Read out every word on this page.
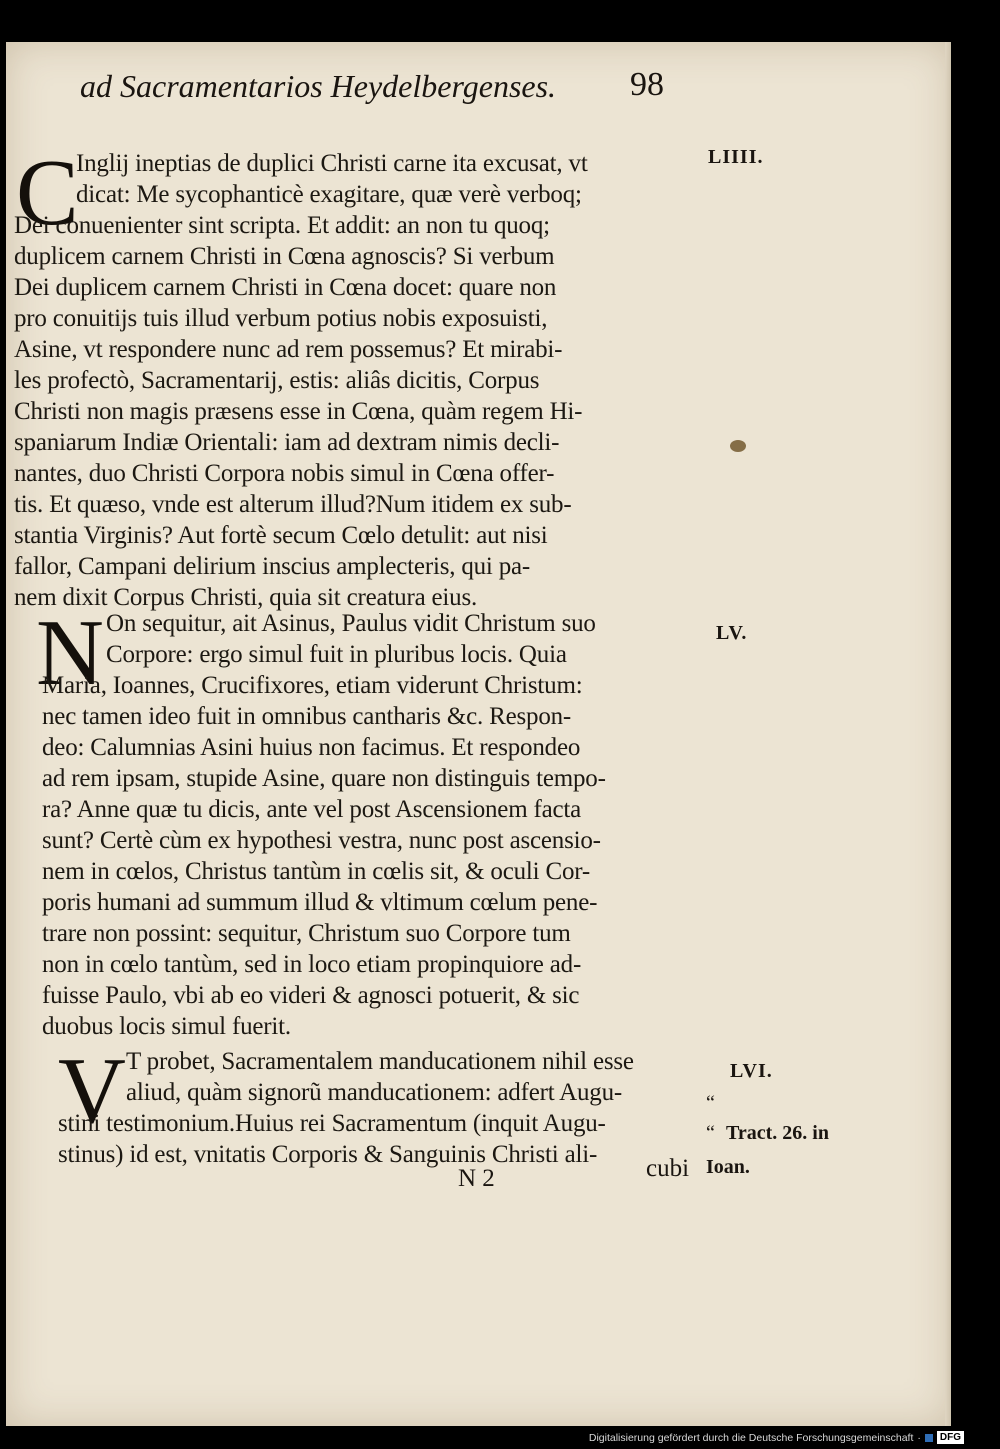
ad Sacramentarios Heydelbergenses. 98
C
Inglij ineptias de duplici Christi carne ita excusat, vt
dicat: Me sycophanticè exagitare, quæ verè verboq;
Dei conuenienter sint scripta. Et addit: an non tu quoq;
duplicem carnem Christi in Cœna agnoscis? Si verbum
Dei duplicem carnem Christi in Cœna docet: quare non
pro conuitijs tuis illud verbum potius nobis exposuisti,
Asine, vt respondere nunc ad rem possemus? Et mirabi-
les profectò, Sacramentarij, estis: aliâs dicitis, Corpus
Christi non magis præsens esse in Cœna, quàm regem Hi-
spaniarum Indiæ Orientali: iam ad dextram nimis decli-
nantes, duo Christi Corpora nobis simul in Cœna offer-
tis. Et quæso, vnde est alterum illud?Num itidem ex sub-
stantia Virginis? Aut fortè secum Cœlo detulit: aut nisi
fallor, Campani delirium inscius amplecteris, qui pa-
nem dixit Corpus Christi, quia sit creatura eius.
LIIII.
N On sequitur, ait Asinus, Paulus vidit Christum suo
Corpore: ergo simul fuit in pluribus locis. Quia
Maria, Ioannes, Crucifixores, etiam viderunt Christum:
nec tamen ideo fuit in omnibus cantharis &c. Respon-
deo: Calumnias Asini huius non facimus. Et respondeo
ad rem ipsam, stupide Asine, quare non distinguis tempo-
ra? Anne quæ tu dicis, ante vel post Ascensionem facta
sunt? Certè cùm ex hypothesi vestra, nunc post ascensio-
nem in cœlos, Christus tantùm in cœlis sit, & oculi Cor-
poris humani ad summum illud & vltimum cœlum pene-
trare non possint: sequitur, Christum suo Corpore tum
non in cœlo tantùm, sed in loco etiam propinquiore ad-
fuisse Paulo, vbi ab eo videri & agnosci potuerit, & sic
duobus locis simul fuerit.
LV.
V T probet, Sacramentalem manducationem nihil esse
aliud, quàm signorũ manducationem: adfert Augu-
stini testimonium.Huius rei Sacramentum (inquit Augu-
stinus) id est, vnitatis Corporis & Sanguinis Christi ali-
LVI.
“
“ Tract. 26. in
Ioan.
N 2	cubi
Digitalisierung gefördert durch die Deutsche Forschungsgemeinschaft ·	DFG
